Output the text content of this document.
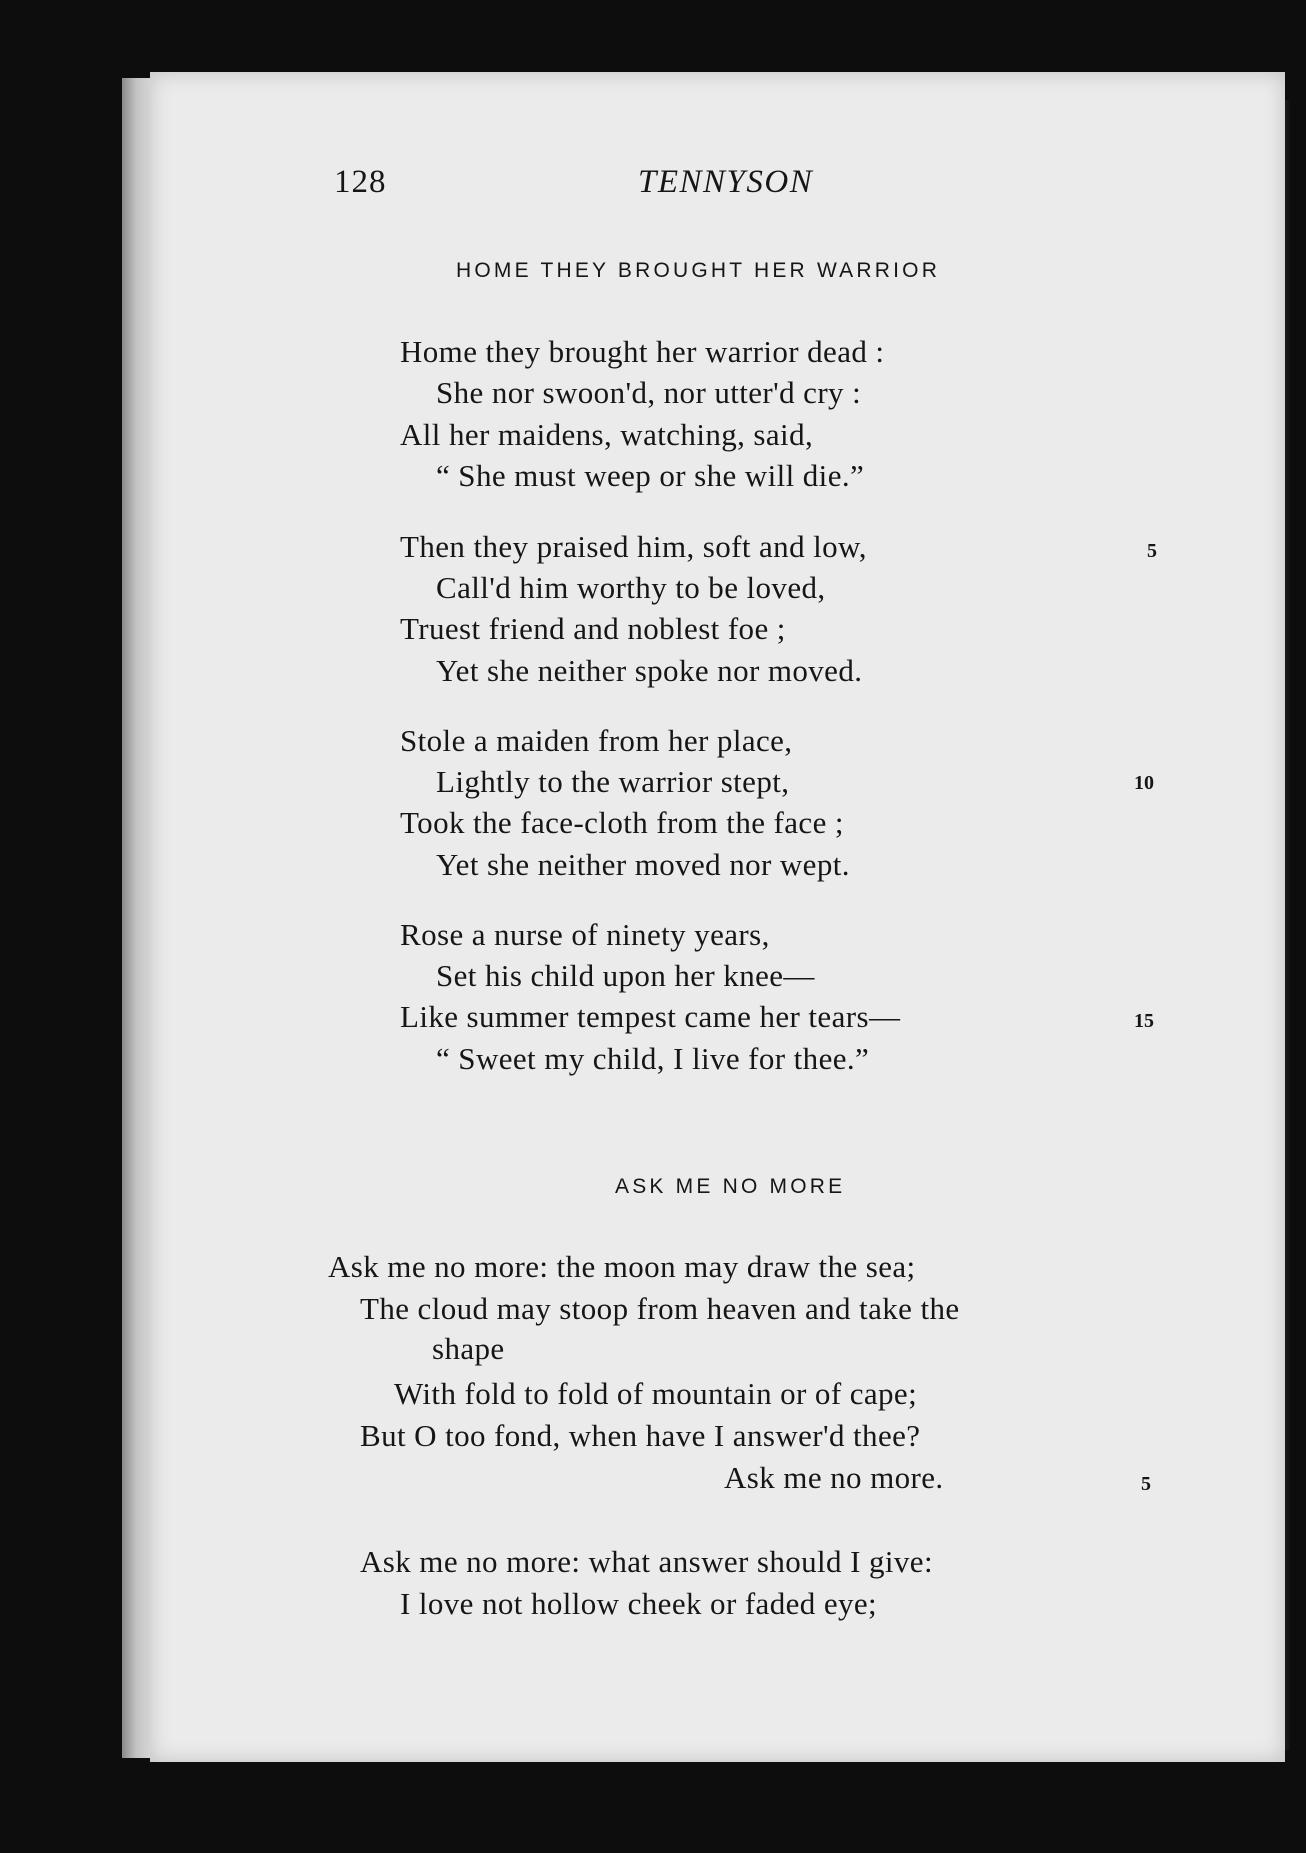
128	TENNYSON
HOME THEY BROUGHT HER WARRIOR
Home they brought her warrior dead :
She nor swoon'd, nor utter'd cry :
All her maidens, watching, said,
“ She must weep or she will die.”
Then they praised him, soft and low,	5
Call'd him worthy to be loved,
Truest friend and noblest foe ;
Yet she neither spoke nor moved.
Stole a maiden from her place,
Lightly to the warrior stept,	10
Took the face-cloth from the face ;
Yet she neither moved nor wept.
Rose a nurse of ninety years,
Set his child upon her knee—
Like summer tempest came her tears—	15
“ Sweet my child, I live for thee.”
ASK ME NO MORE
Ask me no more: the moon may draw the sea;
The cloud may stoop from heaven and take the
shape
With fold to fold of mountain or of cape;
But O too fond, when have I answer'd thee?
Ask me no more.	5
Ask me no more: what answer should I give:
I love not hollow cheek or faded eye;
